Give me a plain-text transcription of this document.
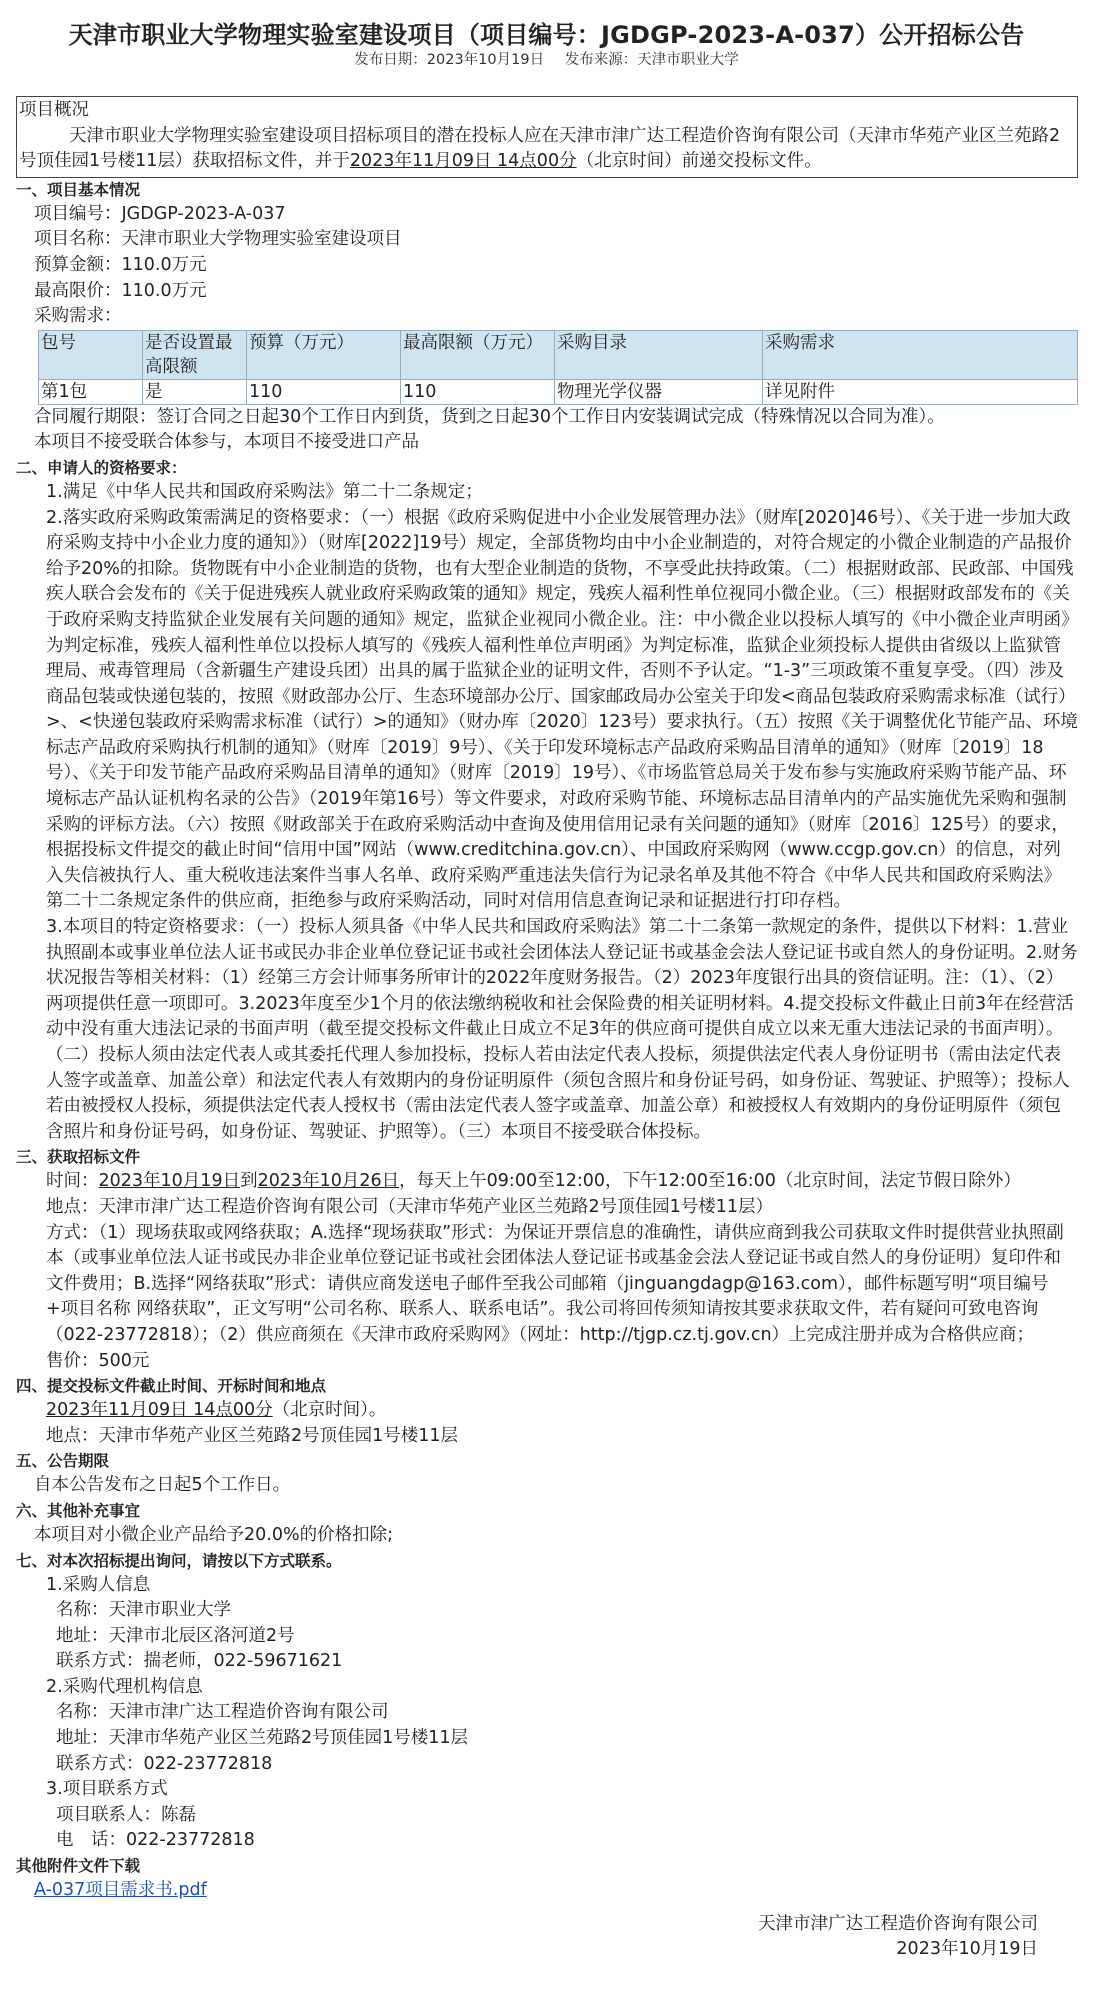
天津市职业大学物理实验室建设项目（项目编号：JGDGP-2023-A-037）公开招标公告
发布日期：2023年10月19日 发布来源：天津市职业大学

项目概况

天津市职业大学物理实验室建设项目招标项目的潜在投标人应在天津市津广达工程造价咨询有限公司（天津市华苑产业区兰苑路2号顶佳园1号楼11层）获取招标文件，并于2023年11月09日 14点00分（北京时间）前递交投标文件。

一、项目基本情况

项目编号：JGDGP-2023-A-037
项目名称：天津市职业大学物理实验室建设项目
预算金额：110.0万元
最高限价：110.0万元
采购需求：
包号	是否设置最高限额	预算（万元）	最高限额（万元）	采购目录	采购需求
第1包	是	110	110	物理光学仪器	详见附件
合同履行期限：签订合同之日起30个工作日内到货，货到之日起30个工作日内安装调试完成（特殊情况以合同为准）。
本项目不接受联合体参与，本项目不接受进口产品

二、申请人的资格要求：

1.满足《中华人民共和国政府采购法》第二十二条规定；

2.落实政府采购政策需满足的资格要求：（一）根据《政府采购促进中小企业发展管理办法》（财库[2020]46号）、《关于进一步加大政府采购支持中小企业力度的通知》）（财库[2022]19号）规定，全部货物均由中小企业制造的，对符合规定的小微企业制造的产品报价给予20%的扣除。货物既有中小企业制造的货物，也有大型企业制造的货物，不享受此扶持政策。（二）根据财政部、民政部、中国残疾人联合会发布的《关于促进残疾人就业政府采购政策的通知》规定，残疾人福利性单位视同小微企业。（三）根据财政部发布的《关于政府采购支持监狱企业发展有关问题的通知》规定，监狱企业视同小微企业。注：中小微企业以投标人填写的《中小微企业声明函》为判定标准，残疾人福利性单位以投标人填写的《残疾人福利性单位声明函》为判定标准，监狱企业须投标人提供由省级以上监狱管理局、戒毒管理局（含新疆生产建设兵团）出具的属于监狱企业的证明文件，否则不予认定。“1-3”三项政策不重复享受。（四）涉及商品包装或快递包装的，按照《财政部办公厅、生态环境部办公厅、国家邮政局办公室关于印发<商品包装政府采购需求标准（试行）>、<快递包装政府采购需求标准（试行）>的通知》（财办库〔2020〕123号）要求执行。（五）按照《关于调整优化节能产品、环境标志产品政府采购执行机制的通知》（财库〔2019〕9号）、《关于印发环境标志产品政府采购品目清单的通知》（财库〔2019〕18号）、《关于印发节能产品政府采购品目清单的通知》（财库〔2019〕19号）、《市场监管总局关于发布参与实施政府采购节能产品、环境标志产品认证机构名录的公告》（2019年第16号）等文件要求，对政府采购节能、环境标志品目清单内的产品实施优先采购和强制采购的评标方法。（六）按照《财政部关于在政府采购活动中查询及使用信用记录有关问题的通知》（财库〔2016〕125号）的要求，根据投标文件提交的截止时间“信用中国”网站（www.creditchina.gov.cn）、中国政府采购网（www.ccgp.gov.cn）的信息，对列入失信被执行人、重大税收违法案件当事人名单、政府采购严重违法失信行为记录名单及其他不符合《中华人民共和国政府采购法》第二十二条规定条件的供应商，拒绝参与政府采购活动，同时对信用信息查询记录和证据进行打印存档。

3.本项目的特定资格要求：（一）投标人须具备《中华人民共和国政府采购法》第二十二条第一款规定的条件，提供以下材料：1.营业执照副本或事业单位法人证书或民办非企业单位登记证书或社会团体法人登记证书或基金会法人登记证书或自然人的身份证明。2.财务状况报告等相关材料：（1）经第三方会计师事务所审计的2022年度财务报告。（2）2023年度银行出具的资信证明。注：（1）、（2）两项提供任意一项即可。3.2023年度至少1个月的依法缴纳税收和社会保险费的相关证明材料。4.提交投标文件截止日前3年在经营活动中没有重大违法记录的书面声明（截至提交投标文件截止日成立不足3年的供应商可提供自成立以来无重大违法记录的书面声明）。（二）投标人须由法定代表人或其委托代理人参加投标，投标人若由法定代表人投标，须提供法定代表人身份证明书（需由法定代表人签字或盖章、加盖公章）和法定代表人有效期内的身份证明原件（须包含照片和身份证号码，如身份证、驾驶证、护照等）；投标人若由被授权人投标，须提供法定代表人授权书（需由法定代表人签字或盖章、加盖公章）和被授权人有效期内的身份证明原件（须包含照片和身份证号码，如身份证、驾驶证、护照等）。（三）本项目不接受联合体投标。

三、获取招标文件

时间：2023年10月19日到2023年10月26日，每天上午09:00至12:00，下午12:00至16:00（北京时间，法定节假日除外）
地点：天津市津广达工程造价咨询有限公司（天津市华苑产业区兰苑路2号顶佳园1号楼11层）

方式：（1）现场获取或网络获取；A.选择“现场获取”形式：为保证开票信息的准确性，请供应商到我公司获取文件时提供营业执照副本（或事业单位法人证书或民办非企业单位登记证书或社会团体法人登记证书或基金会法人登记证书或自然人的身份证明）复印件和文件费用；B.选择“网络获取”形式：请供应商发送电子邮件至我公司邮箱（jinguangdagp@163.com），邮件标题写明“项目编号+项目名称 网络获取”，正文写明“公司名称、联系人、联系电话”。我公司将回传须知请按其要求获取文件，若有疑问可致电咨询（022-23772818）；（2）供应商须在《天津市政府采购网》（网址：http://tjgp.cz.tj.gov.cn）上完成注册并成为合格供应商；

售价：500元

四、提交投标文件截止时间、开标时间和地点

2023年11月09日 14点00分（北京时间）。
地点：天津市华苑产业区兰苑路2号顶佳园1号楼11层

五、公告期限

自本公告发布之日起5个工作日。

六、其他补充事宜

本项目对小微企业产品给予20.0%的价格扣除;

七、对本次招标提出询问，请按以下方式联系。

1.采购人信息
名称：天津市职业大学
地址：天津市北辰区洛河道2号
联系方式：揣老师，022-59671621
2.采购代理机构信息
名称：天津市津广达工程造价咨询有限公司
地址：天津市华苑产业区兰苑路2号顶佳园1号楼11层
联系方式：022-23772818
3.项目联系方式
项目联系人：陈磊
电　话：022-23772818

其他附件文件下载

A-037项目需求书.pdf
天津市津广达工程造价咨询有限公司
2023年10月19日
